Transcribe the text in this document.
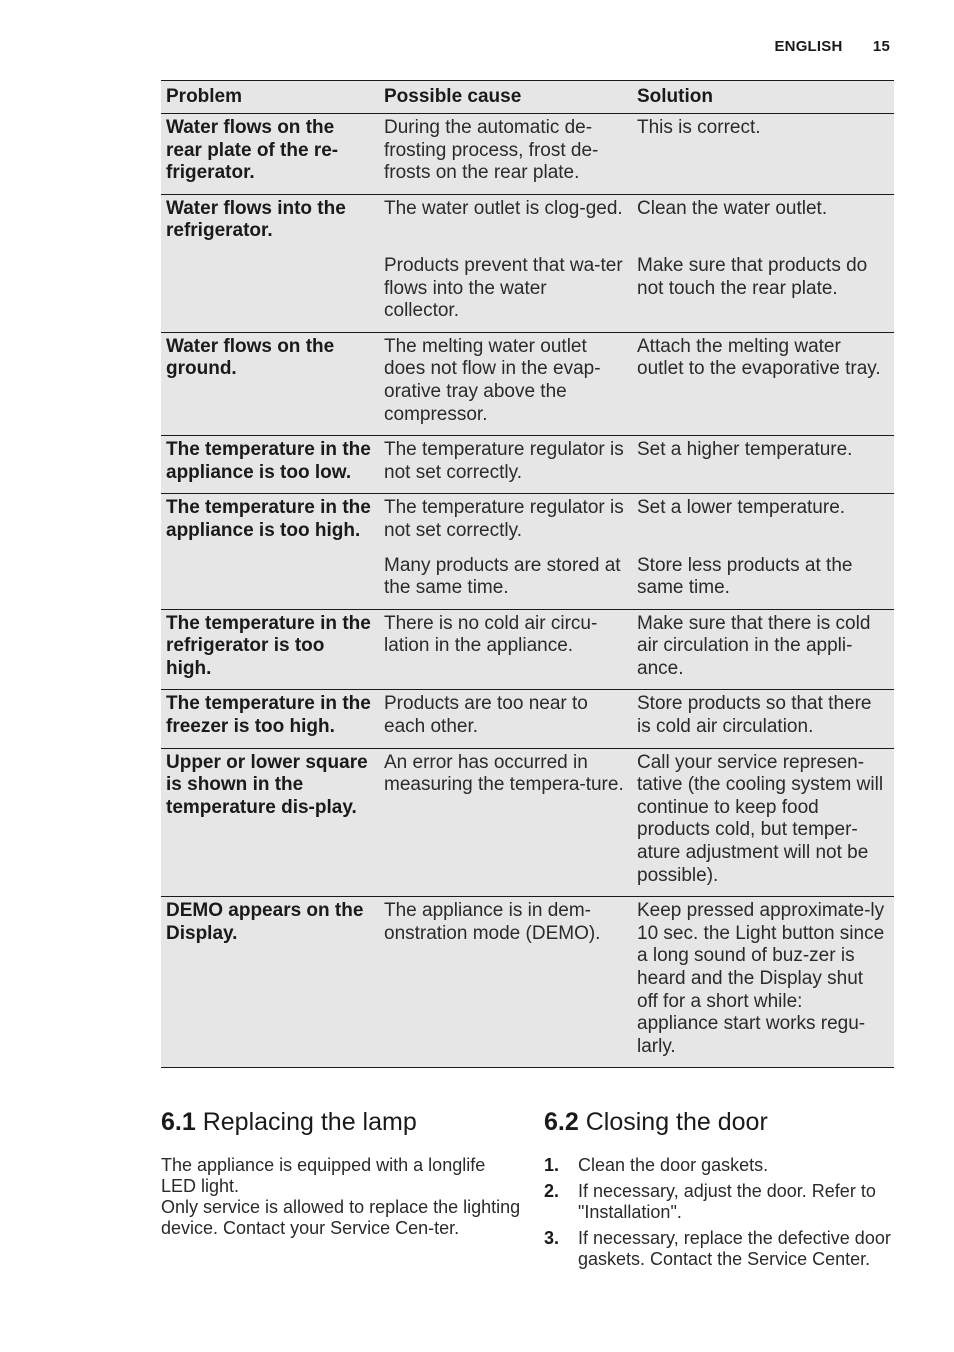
ENGLISH 15
Problem	Possible cause	Solution
Water flows on the rear plate of the re-frigerator.	During the automatic de-frosting process, frost de-frosts on the rear plate.	This is correct.
Water flows into the refrigerator.	The water outlet is clog-ged.	Clean the water outlet.
	Products prevent that wa-ter flows into the water collector.	Make sure that products do not touch the rear plate.
Water flows on the ground.	The melting water outlet does not flow in the evap-orative tray above the compressor.	Attach the melting water outlet to the evaporative tray.
The temperature in the appliance is too low.	The temperature regulator is not set correctly.	Set a higher temperature.
The temperature in the appliance is too high.	The temperature regulator is not set correctly.	Set a lower temperature.
	Many products are stored at the same time.	Store less products at the same time.
The temperature in the refrigerator is too high.	There is no cold air circu-lation in the appliance.	Make sure that there is cold air circulation in the appli-ance.
The temperature in the freezer is too high.	Products are too near to each other.	Store products so that there is cold air circulation.
Upper or lower square is shown in the temperature dis-play.	An error has occurred in measuring the tempera-ture.	Call your service represen-tative (the cooling system will continue to keep food products cold, but temper-ature adjustment will not be possible).
DEMO appears on the Display.	The appliance is in dem-onstration mode (DEMO).	Keep pressed approximate-ly 10 sec. the Light button since a long sound of buz-zer is heard and the Display shut off for a short while: appliance start works regu-larly.
6.1 Replacing the lamp

The appliance is equipped with a longlife LED light.

Only service is allowed to replace the lighting device. Contact your Service Cen-ter.

6.2 Closing the door
1.	Clean the door gaskets.
2.	If necessary, adjust the door. Refer to "Installation".
3.	If necessary, replace the defective door gaskets. Contact the Service Center.
